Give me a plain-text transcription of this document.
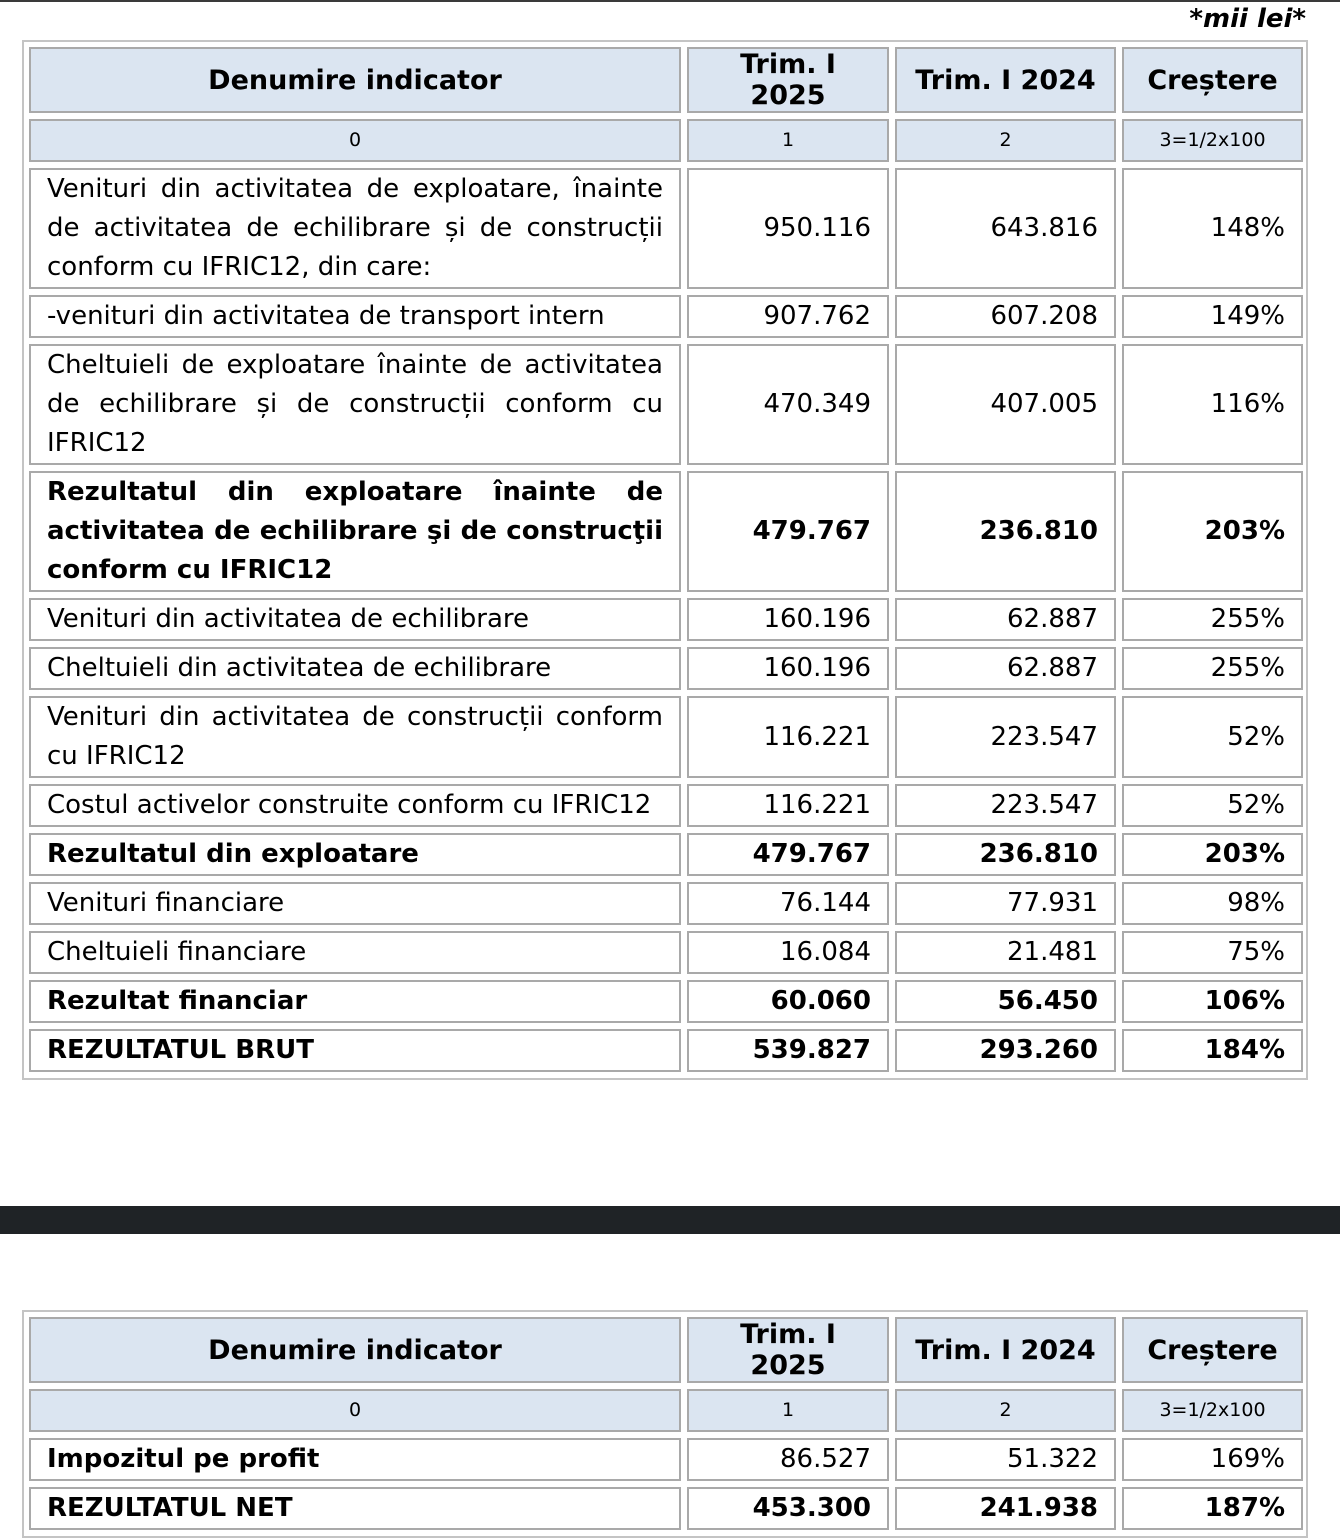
*mii lei*
Denumire indicator	Trim. I 2025	Trim. I 2024	Creștere
0	1	2	3=1/2x100
Venituri din activitatea de exploatare, înainte de activitatea de echilibrare și de construcții conform cu IFRIC12, din care:	950.116	643.816	148%
-venituri din activitatea de transport intern	907.762	607.208	149%
Cheltuieli de exploatare înainte de activitatea de echilibrare și de construcții conform cu IFRIC12	470.349	407.005	116%
Rezultatul din exploatare înainte de activitatea de echilibrare şi de construcţii conform cu IFRIC12	479.767	236.810	203%
Venituri din activitatea de echilibrare	160.196	62.887	255%
Cheltuieli din activitatea de echilibrare	160.196	62.887	255%
Venituri din activitatea de construcții conform cu IFRIC12	116.221	223.547	52%
Costul activelor construite conform cu IFRIC12	116.221	223.547	52%
Rezultatul din exploatare	479.767	236.810	203%
Venituri financiare	76.144	77.931	98%
Cheltuieli financiare	16.084	21.481	75%
Rezultat financiar	60.060	56.450	106%
REZULTATUL BRUT	539.827	293.260	184%
Denumire indicator	Trim. I 2025	Trim. I 2024	Creștere
0	1	2	3=1/2x100
Impozitul pe profit	86.527	51.322	169%
REZULTATUL NET	453.300	241.938	187%
